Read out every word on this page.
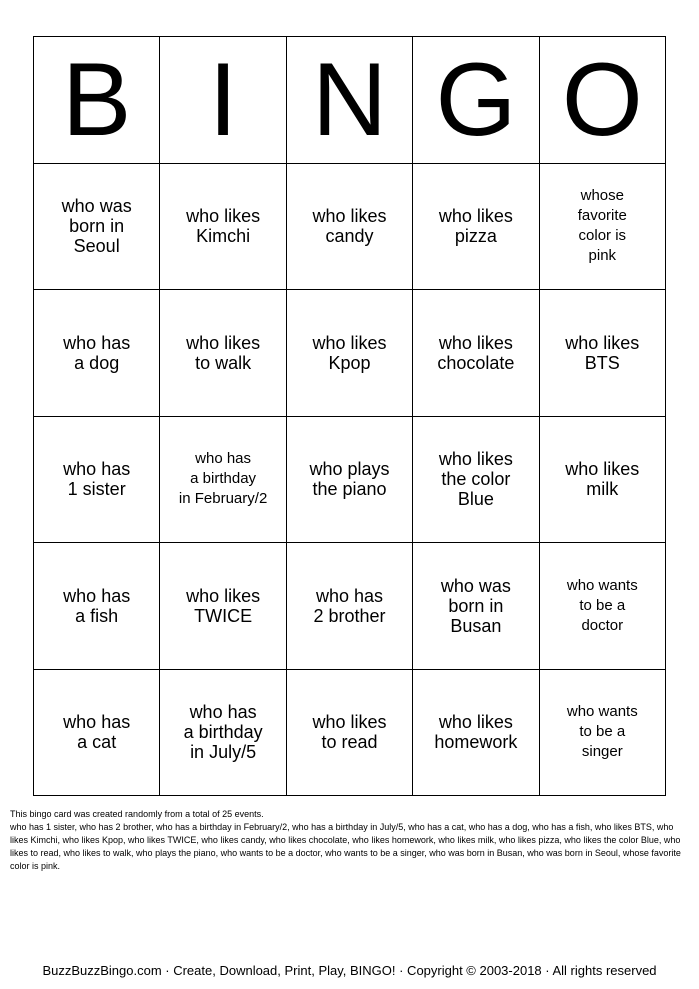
B I N G O
who was
born in
Seoul
who likes
Kimchi
who likes
candy
who likes
pizza
whose
favorite
color is
pink
who has
a dog
who likes
to walk
who likes
Kpop
who likes
chocolate
who likes
BTS
who has
1 sister
who has
a birthday
in February/2
who plays
the piano
who likes
the color
Blue
who likes
milk
who has
a fish
who likes
TWICE
who has
2 brother
who was
born in
Busan
who wants
to be a
doctor
who has
a cat
who has
a birthday
in July/5
who likes
to read
who likes
homework
who wants
to be a
singer

This bingo card was created randomly from a total of 25 events.

who has 1 sister, who has 2 brother, who has a birthday in February/2, who has a birthday in July/5, who has a cat, who has a dog, who has a fish, who likes BTS, who likes Kimchi, who likes Kpop, who likes TWICE, who likes candy, who likes chocolate, who likes homework, who likes milk, who likes pizza, who likes the color Blue, who likes to read, who likes to walk, who plays the piano, who wants to be a doctor, who wants to be a singer, who was born in Busan, who was born in Seoul, whose favorite color is pink.

BuzzBuzzBingo.com · Create, Download, Print, Play, BINGO! · Copyright © 2003-2018 · All rights reserved
